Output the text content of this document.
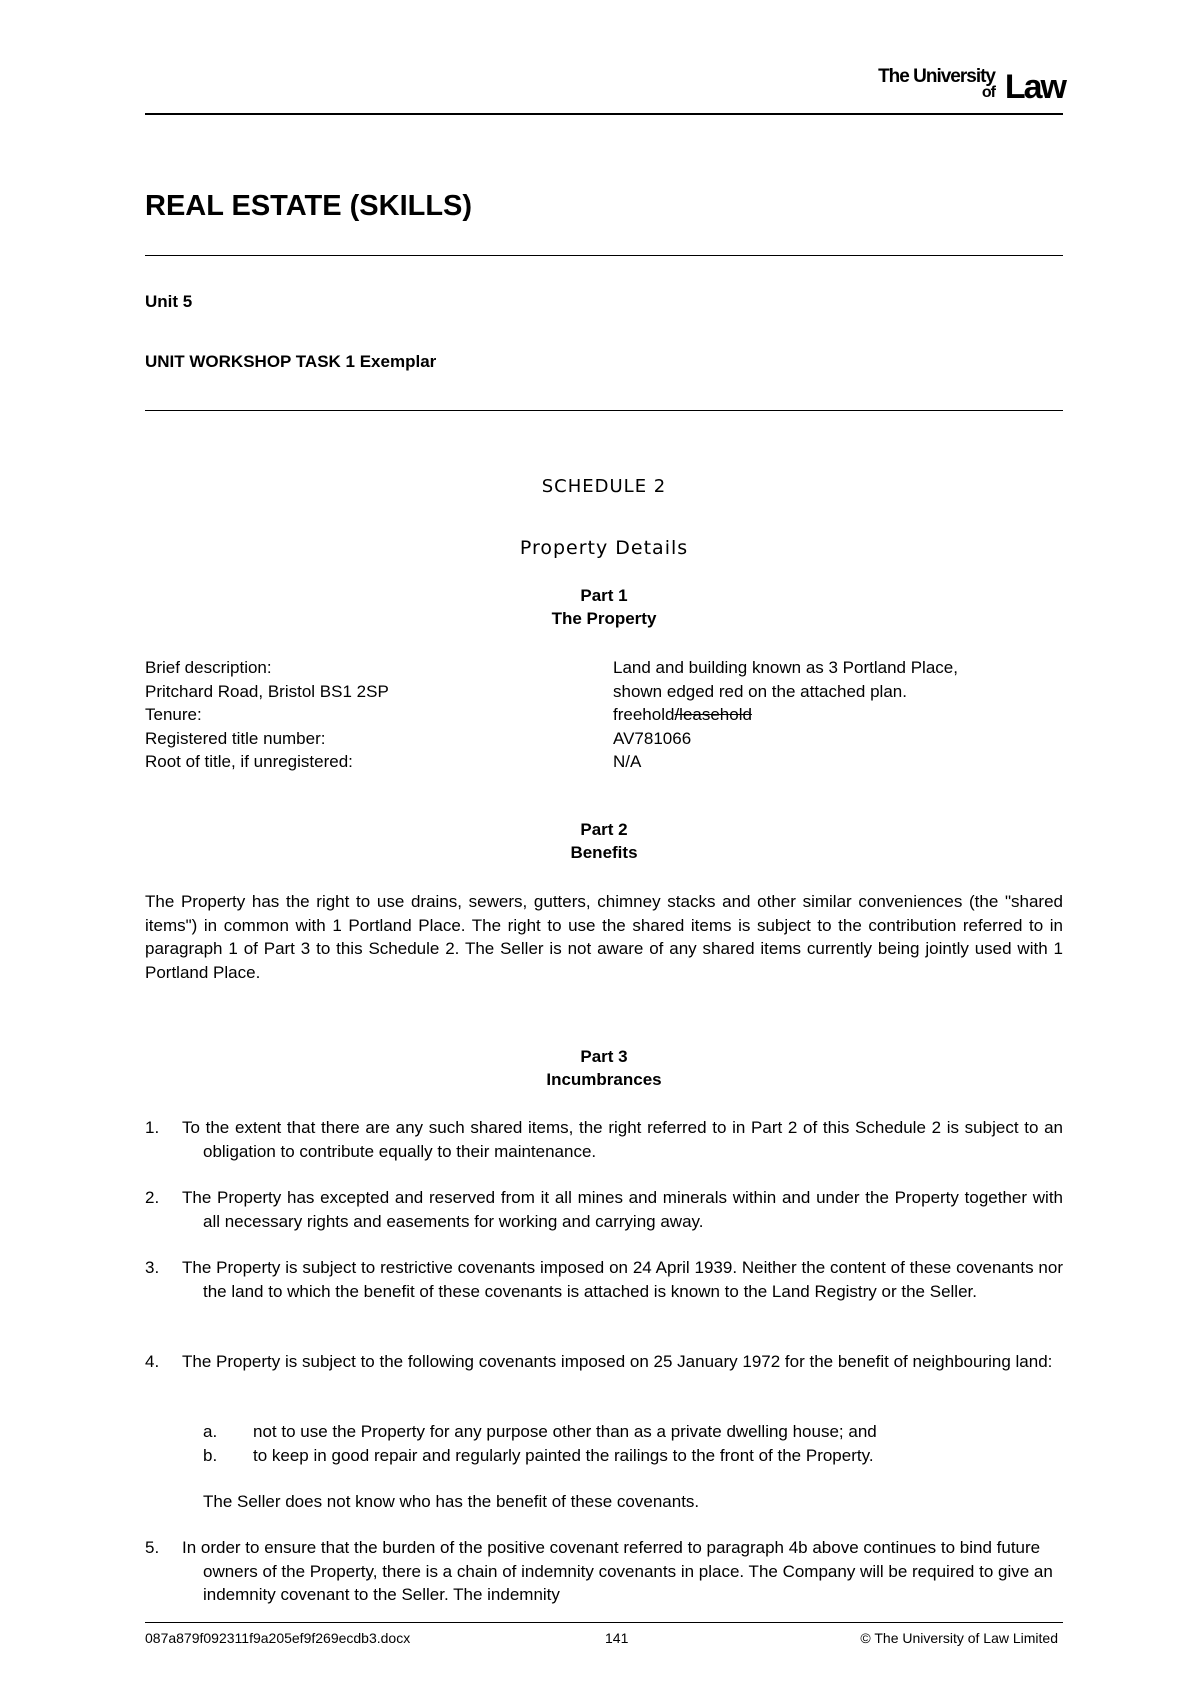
The University
of Law
REAL ESTATE (SKILLS)
Unit 5
UNIT WORKSHOP TASK 1 Exemplar
SCHEDULE 2
Property Details
Part 1
The Property
Brief description:	Land and building known as 3 Portland Place,
Pritchard Road, Bristol BS1 2SP	shown edged red on the attached plan.
Tenure:	freehold/leasehold
Registered title number:	AV781066
Root of title, if unregistered:	N/A
Part 2
Benefits

The Property has the right to use drains, sewers, gutters, chimney stacks and other similar conveniences (the "shared items") in common with 1 Portland Place. The right to use the shared items is subject to the contribution referred to in paragraph 1 of Part 3 to this Schedule 2. The Seller is not aware of any shared items currently being jointly used with 1 Portland Place.

Part 3
Incumbrances
1.	To the extent that there are any such shared items, the right referred to in Part 2 of this Schedule 2 is subject to an obligation to contribute equally to their maintenance.

2.	The Property has excepted and reserved from it all mines and minerals within and under the Property together with all necessary rights and easements for working and carrying away.

3.	The Property is subject to restrictive covenants imposed on 24 April 1939. Neither the content of these covenants nor the land to which the benefit of these covenants is attached is known to the Land Registry or the Seller.

4.	The Property is subject to the following covenants imposed on 25 January 1972 for the benefit of neighbouring land:

a.	not to use the Property for any purpose other than as a private dwelling house; and

b.	to keep in good repair and regularly painted the railings to the front of the Property.

The Seller does not know who has the benefit of these covenants.
5.	In order to ensure that the burden of the positive covenant referred to paragraph 4b above continues to bind future owners of the Property, there is a chain of indemnity covenants in place. The Company will be required to give an indemnity covenant to the Seller. The indemnity

087a879f092311f9a205ef9f269ecdb3.docx	141	© The University of Law Limited
